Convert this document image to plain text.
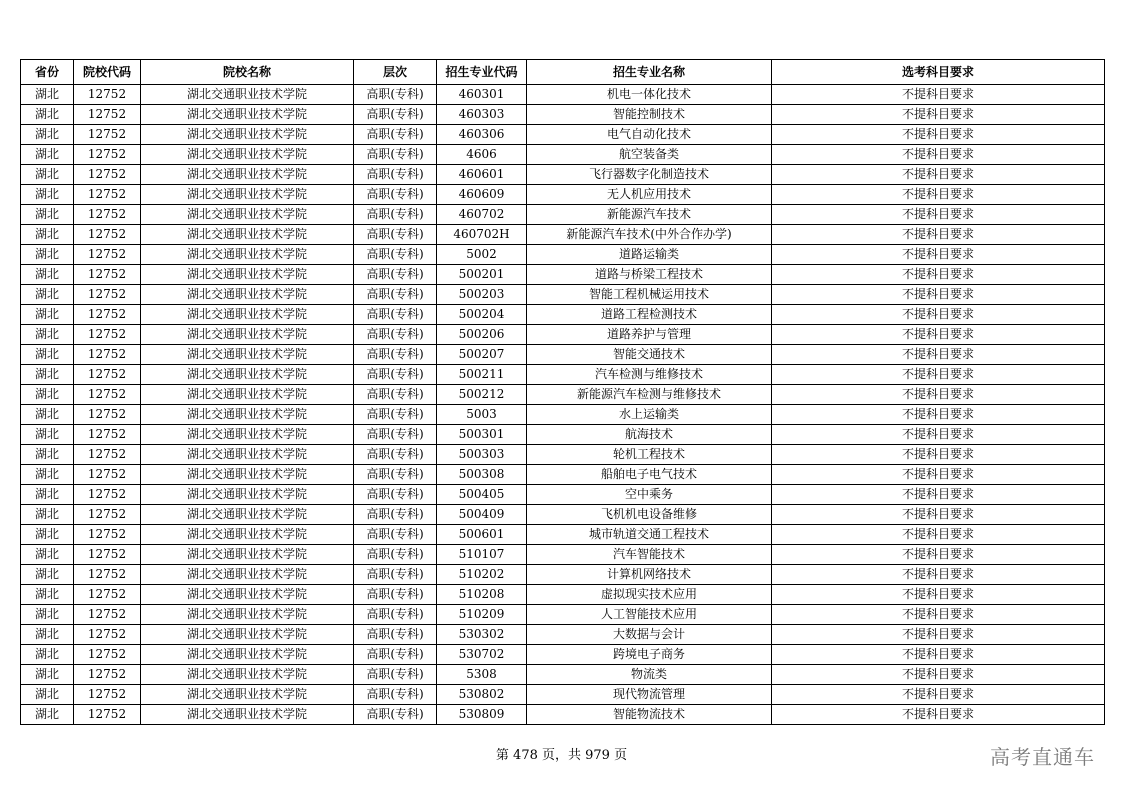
省份	院校代码	院校名称	层次	招生专业代码	招生专业名称	选考科目要求
湖北	12752	湖北交通职业技术学院	高职(专科)	460301	机电一体化技术	不提科目要求
湖北	12752	湖北交通职业技术学院	高职(专科)	460303	智能控制技术	不提科目要求
湖北	12752	湖北交通职业技术学院	高职(专科)	460306	电气自动化技术	不提科目要求
湖北	12752	湖北交通职业技术学院	高职(专科)	4606	航空装备类	不提科目要求
湖北	12752	湖北交通职业技术学院	高职(专科)	460601	飞行器数字化制造技术	不提科目要求
湖北	12752	湖北交通职业技术学院	高职(专科)	460609	无人机应用技术	不提科目要求
湖北	12752	湖北交通职业技术学院	高职(专科)	460702	新能源汽车技术	不提科目要求
湖北	12752	湖北交通职业技术学院	高职(专科)	460702H	新能源汽车技术(中外合作办学)	不提科目要求
湖北	12752	湖北交通职业技术学院	高职(专科)	5002	道路运输类	不提科目要求
湖北	12752	湖北交通职业技术学院	高职(专科)	500201	道路与桥梁工程技术	不提科目要求
湖北	12752	湖北交通职业技术学院	高职(专科)	500203	智能工程机械运用技术	不提科目要求
湖北	12752	湖北交通职业技术学院	高职(专科)	500204	道路工程检测技术	不提科目要求
湖北	12752	湖北交通职业技术学院	高职(专科)	500206	道路养护与管理	不提科目要求
湖北	12752	湖北交通职业技术学院	高职(专科)	500207	智能交通技术	不提科目要求
湖北	12752	湖北交通职业技术学院	高职(专科)	500211	汽车检测与维修技术	不提科目要求
湖北	12752	湖北交通职业技术学院	高职(专科)	500212	新能源汽车检测与维修技术	不提科目要求
湖北	12752	湖北交通职业技术学院	高职(专科)	5003	水上运输类	不提科目要求
湖北	12752	湖北交通职业技术学院	高职(专科)	500301	航海技术	不提科目要求
湖北	12752	湖北交通职业技术学院	高职(专科)	500303	轮机工程技术	不提科目要求
湖北	12752	湖北交通职业技术学院	高职(专科)	500308	船舶电子电气技术	不提科目要求
湖北	12752	湖北交通职业技术学院	高职(专科)	500405	空中乘务	不提科目要求
湖北	12752	湖北交通职业技术学院	高职(专科)	500409	飞机机电设备维修	不提科目要求
湖北	12752	湖北交通职业技术学院	高职(专科)	500601	城市轨道交通工程技术	不提科目要求
湖北	12752	湖北交通职业技术学院	高职(专科)	510107	汽车智能技术	不提科目要求
湖北	12752	湖北交通职业技术学院	高职(专科)	510202	计算机网络技术	不提科目要求
湖北	12752	湖北交通职业技术学院	高职(专科)	510208	虚拟现实技术应用	不提科目要求
湖北	12752	湖北交通职业技术学院	高职(专科)	510209	人工智能技术应用	不提科目要求
湖北	12752	湖北交通职业技术学院	高职(专科)	530302	大数据与会计	不提科目要求
湖北	12752	湖北交通职业技术学院	高职(专科)	530702	跨境电子商务	不提科目要求
湖北	12752	湖北交通职业技术学院	高职(专科)	5308	物流类	不提科目要求
湖北	12752	湖北交通职业技术学院	高职(专科)	530802	现代物流管理	不提科目要求
湖北	12752	湖北交通职业技术学院	高职(专科)	530809	智能物流技术	不提科目要求
第 478 页，共 979 页	高考直通车
